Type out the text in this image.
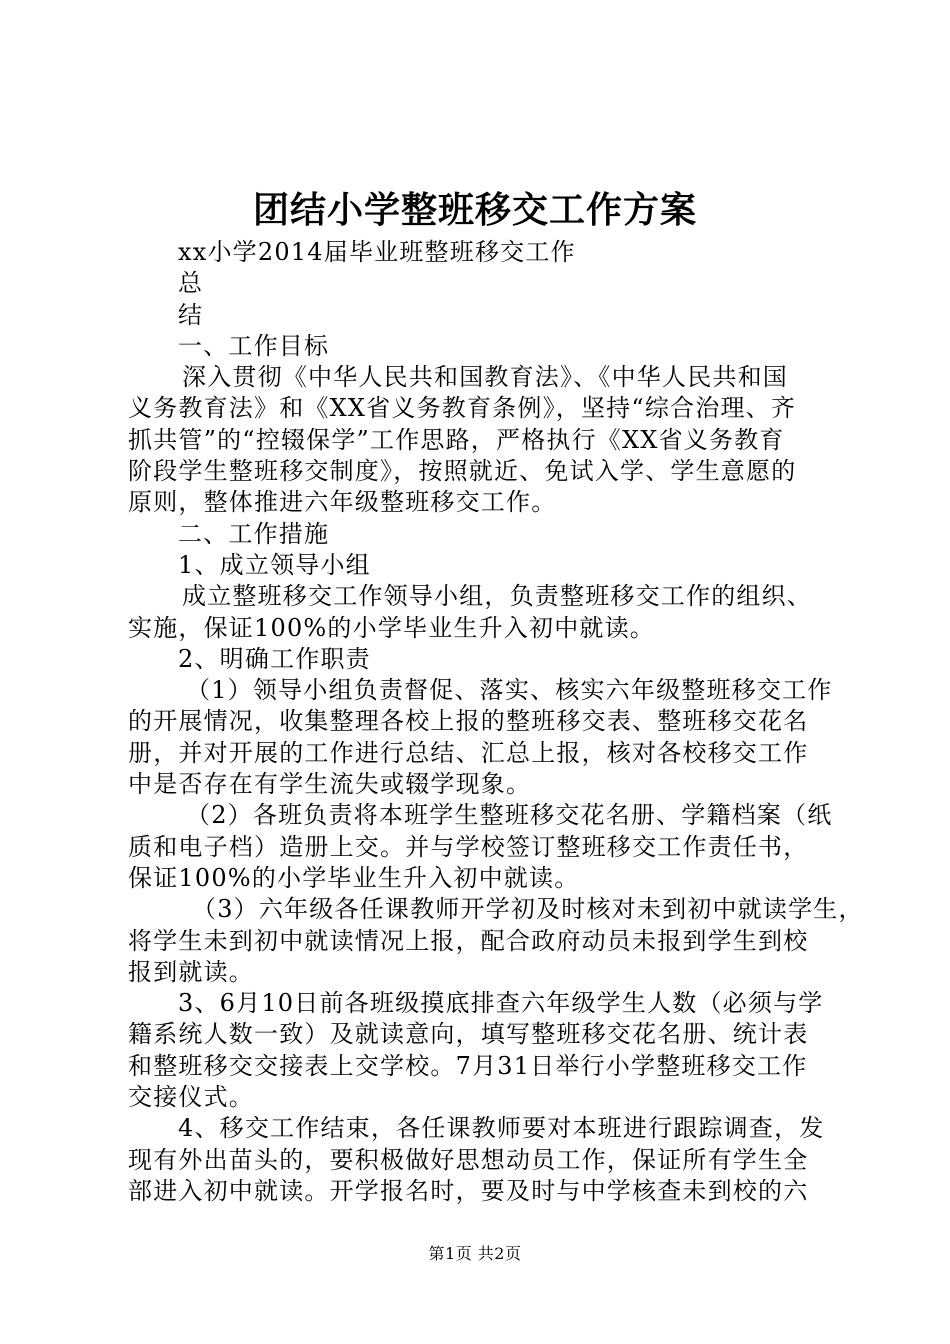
团结小学整班移交工作方案
xx小学2014届毕业班整班移交工作
总
结
一、工作目标
深入贯彻《中华人民共和国教育法》、《中华人民共和国
义务教育法》和《XX省义务教育条例》，坚持“综合治理、齐
抓共管”的“控辍保学”工作思路，严格执行《XX省义务教育
阶段学生整班移交制度》，按照就近、免试入学、学生意愿的
原则，整体推进六年级整班移交工作。
二、工作措施
1、成立领导小组
成立整班移交工作领导小组，负责整班移交工作的组织、
实施，保证100%的小学毕业生升入初中就读。
2、明确工作职责
（1）领导小组负责督促、落实、核实六年级整班移交工作
的开展情况，收集整理各校上报的整班移交表、整班移交花名
册，并对开展的工作进行总结、汇总上报，核对各校移交工作
中是否存在有学生流失或辍学现象。
（2）各班负责将本班学生整班移交花名册、学籍档案（纸
质和电子档）造册上交。并与学校签订整班移交工作责任书，
保证100%的小学毕业生升入初中就读。
（3）六年级各任课教师开学初及时核对未到初中就读学生，
将学生未到初中就读情况上报，配合政府动员未报到学生到校
报到就读。
3、6月10日前各班级摸底排查六年级学生人数（必须与学
籍系统人数一致）及就读意向，填写整班移交花名册、统计表
和整班移交交接表上交学校。7月31日举行小学整班移交工作
交接仪式。
4、移交工作结束，各任课教师要对本班进行跟踪调查，发
现有外出苗头的，要积极做好思想动员工作，保证所有学生全
部进入初中就读。开学报名时，要及时与中学核查未到校的六
第1页 共2页
